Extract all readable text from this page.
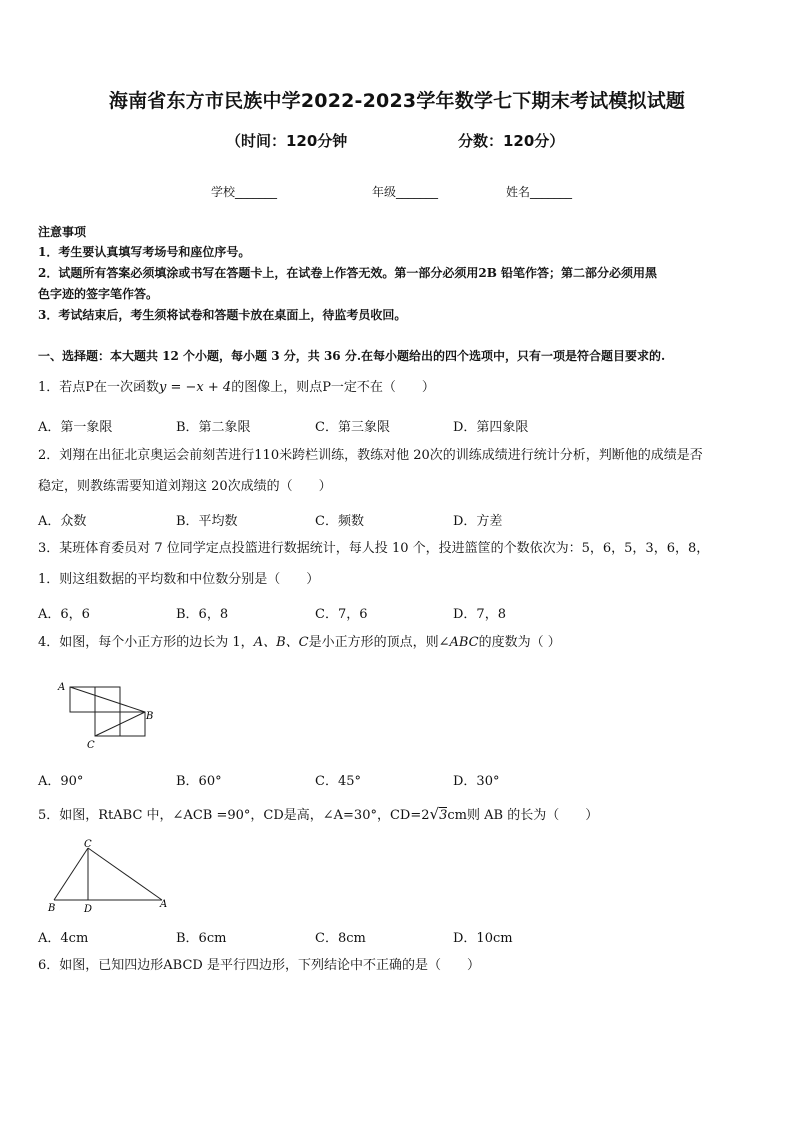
海南省东方市民族中学2022-2023学年数学七下期末考试模拟试题
（时间：120分钟	分数：120分）
学校_______	年级_______	姓名_______
注意事项
1．考生要认真填写考场号和座位序号。
2．试题所有答案必须填涂或书写在答题卡上，在试卷上作答无效。第一部分必须用2B 铅笔作答；第二部分必须用黑
色字迹的签字笔作答。
3．考试结束后，考生须将试卷和答题卡放在桌面上，待监考员收回。
一、选择题：本大题共 12 个小题，每小题 3 分，共 36 分.在每小题给出的四个选项中，只有一项是符合题目要求的.
1．若点P在一次函数y = −x + 4的图像上，则点P一定不在（　　）
A．第一象限	B．第二象限	C．第三象限	D．第四象限
2．刘翔在出征北京奥运会前刻苦进行110米跨栏训练，教练对他 20次的训练成绩进行统计分析，判断他的成绩是否
稳定，则教练需要知道刘翔这 20次成绩的（　　）
A．众数	B．平均数	C．频数	D．方差
3．某班体育委员对 7 位同学定点投篮进行数据统计，每人投 10 个，投进篮筐的个数依次为：5，6，5，3，6，8，
1．则这组数据的平均数和中位数分别是（　　）
A．6，6	B．6，8	C．7，6	D．7，8
4．如图，每个小正方形的边长为 1，A、B、C是小正方形的顶点，则∠ABC的度数为（ ）
A
B
C
A．90°	B．60°	C．45°	D．30°
5．如图，RtABC 中，∠ACB =90°，CD是高，∠A=30°，CD=2√3cm则 AB 的长为（　　）
C
B	D	A
A．4cm	B．6cm	C．8cm	D．10cm
6．如图，已知四边形ABCD 是平行四边形，下列结论中不正确的是（　　）
